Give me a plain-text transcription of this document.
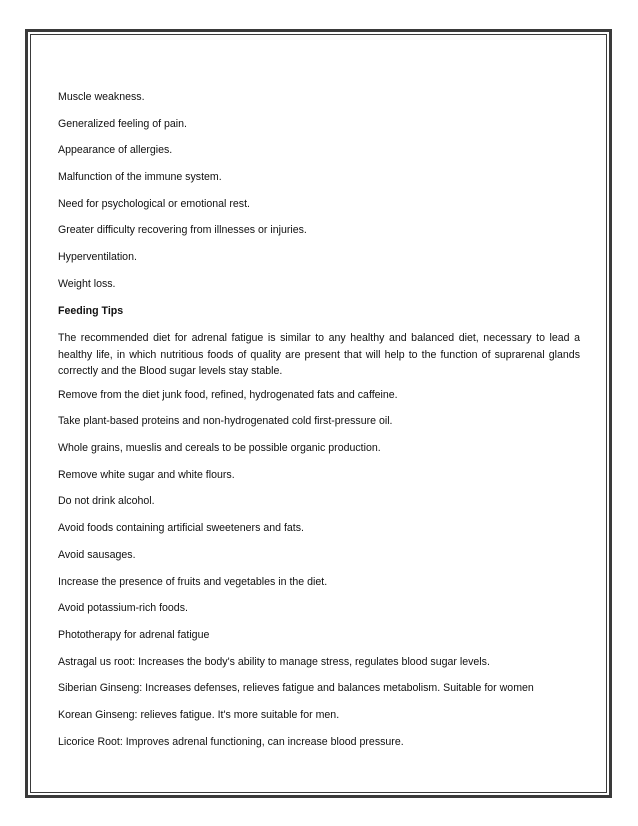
Muscle weakness.

Generalized feeling of pain.

Appearance of allergies.

Malfunction of the immune system.

Need for psychological or emotional rest.

Greater difficulty recovering from illnesses or injuries.

Hyperventilation.

Weight loss.

Feeding Tips

The recommended diet for adrenal fatigue is similar to any healthy and balanced diet, necessary to lead a healthy life, in which nutritious foods of quality are present that will help to the function of suprarenal glands correctly and the Blood sugar levels stay stable.

Remove from the diet junk food, refined, hydrogenated fats and caffeine.

Take plant-based proteins and non-hydrogenated cold first-pressure oil.

Whole grains, mueslis and cereals to be possible organic production.

Remove white sugar and white flours.

Do not drink alcohol.

Avoid foods containing artificial sweeteners and fats.

Avoid sausages.

Increase the presence of fruits and vegetables in the diet.

Avoid potassium-rich foods.

Phototherapy for adrenal fatigue

Astragal us root: Increases the body's ability to manage stress, regulates blood sugar levels.

Siberian Ginseng: Increases defenses, relieves fatigue and balances metabolism. Suitable for women

Korean Ginseng: relieves fatigue. It's more suitable for men.

Licorice Root: Improves adrenal functioning, can increase blood pressure.
